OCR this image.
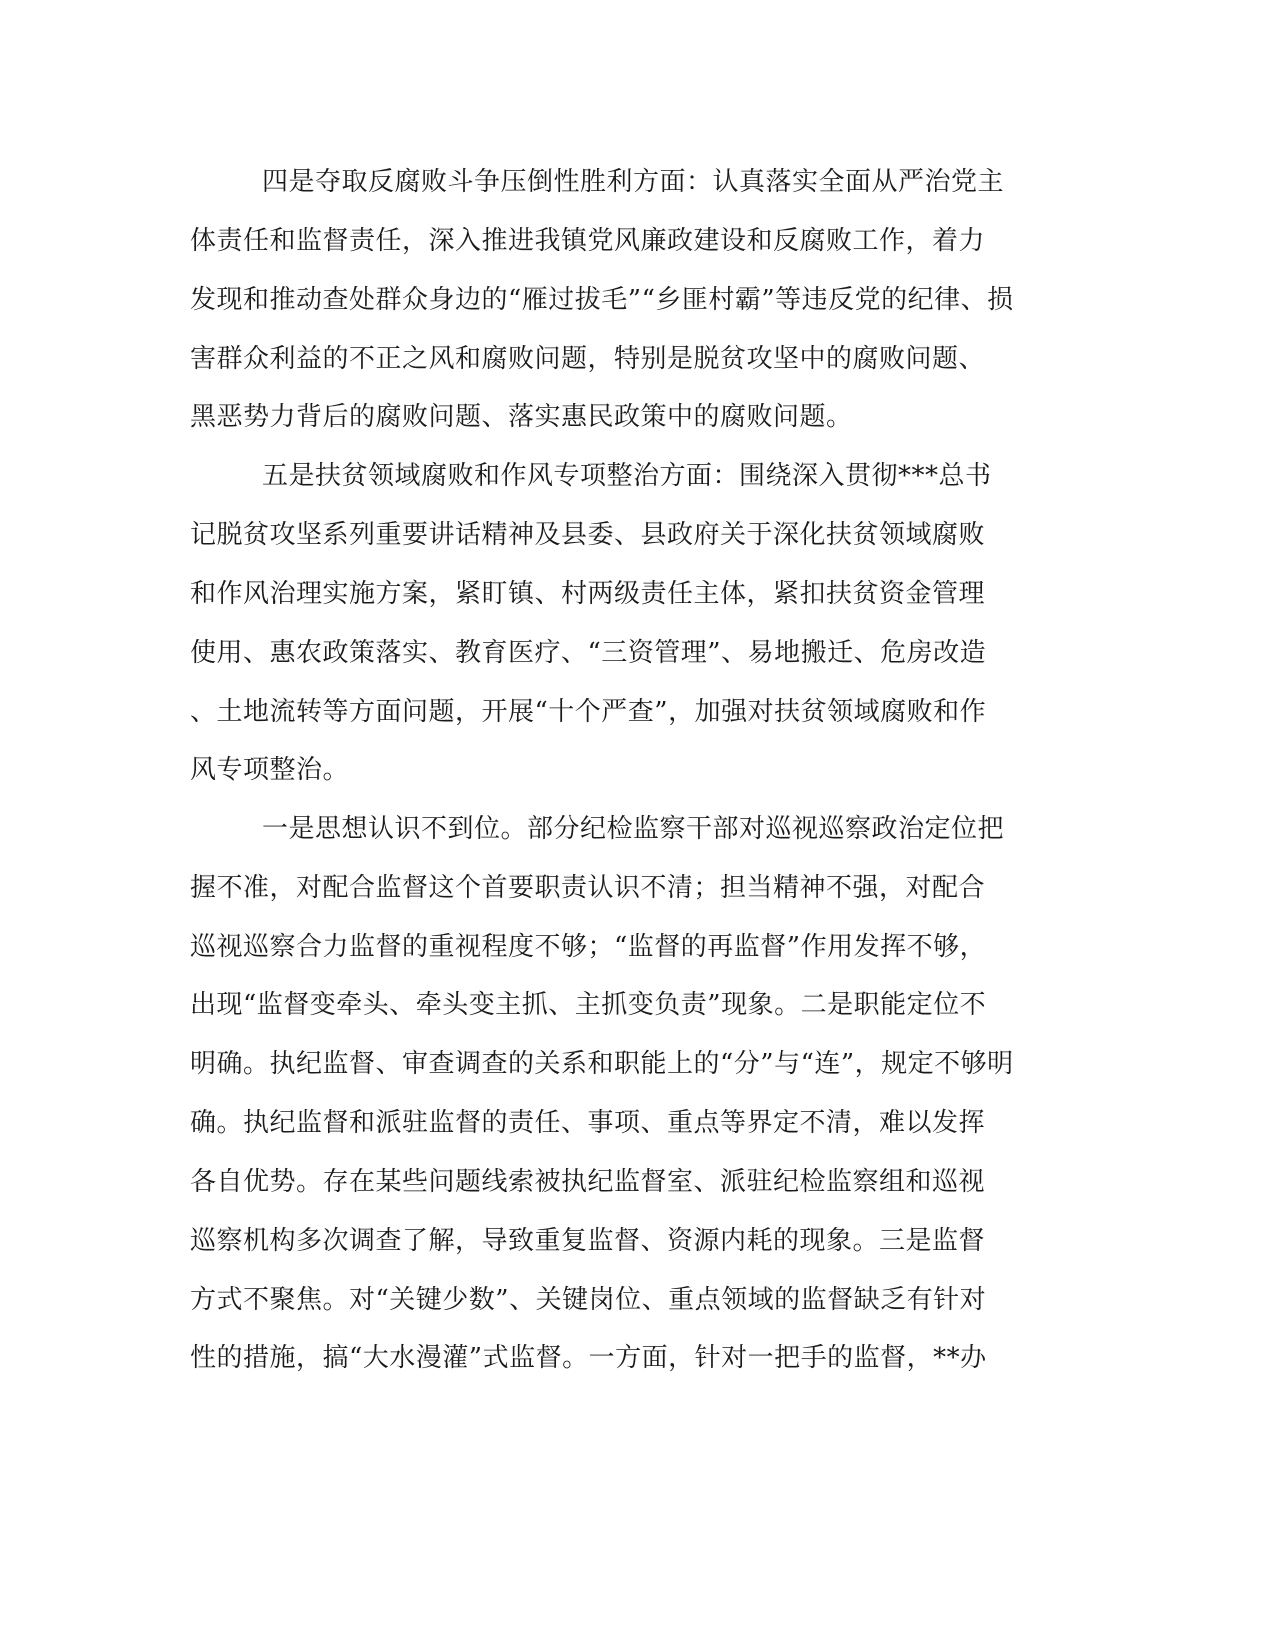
四是夺取反腐败斗争压倒性胜利方面：认真落实全面从严治党主
体责任和监督责任，深入推进我镇党风廉政建设和反腐败工作，着力
发现和推动查处群众身边的“雁过拔毛”“乡匪村霸”等违反党的纪律、损
害群众利益的不正之风和腐败问题，特别是脱贫攻坚中的腐败问题、
黑恶势力背后的腐败问题、落实惠民政策中的腐败问题。
五是扶贫领域腐败和作风专项整治方面：围绕深入贯彻***总书
记脱贫攻坚系列重要讲话精神及县委、县政府关于深化扶贫领域腐败
和作风治理实施方案，紧盯镇、村两级责任主体，紧扣扶贫资金管理
使用、惠农政策落实、教育医疗、“三资管理”、易地搬迁、危房改造
、土地流转等方面问题，开展“十个严查”，加强对扶贫领域腐败和作
风专项整治。
一是思想认识不到位。部分纪检监察干部对巡视巡察政治定位把
握不准，对配合监督这个首要职责认识不清；担当精神不强，对配合
巡视巡察合力监督的重视程度不够；“监督的再监督”作用发挥不够，
出现“监督变牵头、牵头变主抓、主抓变负责”现象。二是职能定位不
明确。执纪监督、审查调查的关系和职能上的“分”与“连”，规定不够明
确。执纪监督和派驻监督的责任、事项、重点等界定不清，难以发挥
各自优势。存在某些问题线索被执纪监督室、派驻纪检监察组和巡视
巡察机构多次调查了解，导致重复监督、资源内耗的现象。三是监督
方式不聚焦。对“关键少数”、关键岗位、重点领域的监督缺乏有针对
性的措施，搞“大水漫灌”式监督。一方面，针对一把手的监督，**办
